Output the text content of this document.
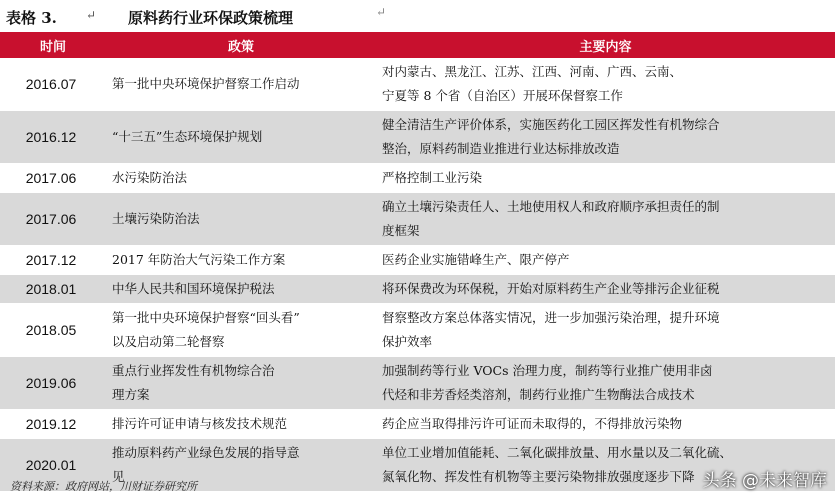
表格 3. ↵ 原料药行业环保政策梳理	↵
时间	政策	主要内容
2016.07	第一批中央环境保护督察工作启动	对内蒙古、黑龙江、江苏、江西、河南、广西、云南、
宁夏等 8 个省（自治区）开展环保督察工作

2016.12	“十三五”生态环境保护规划	健全清洁生产评价体系，实施医药化工园区挥发性有机物综合
整治，原料药制造业推进行业达标排放改造

2017.06	水污染防治法	严格控制工业污染

2017.06	土壤污染防治法	确立土壤污染责任人、土地使用权人和政府顺序承担责任的制
度框架

2017.12	2017 年防治大气污染工作方案	医药企业实施错峰生产、限产停产

2018.01	中华人民共和国环境保护税法	将环保费改为环保税，开始对原料药生产企业等排污企业征税

2018.05	第一批中央环境保护督察“回头看”
以及启动第二轮督察	督察整改方案总体落实情况，进一步加强污染治理，提升环境
保护效率

2019.06	重点行业挥发性有机物综合治
理方案	加强制药等行业 VOCs 治理力度，制药等行业推广使用非卤
代烃和非芳香烃类溶剂，制药行业推广生物酶法合成技术

2019.12	排污许可证申请与核发技术规范	药企应当取得排污许可证而未取得的，不得排放污染物

2020.01	推动原料药产业绿色发展的指导意
见	单位工业增加值能耗、二氧化碳排放量、用水量以及二氧化硫、
氮氧化物、挥发性有机物等主要污染物排放强度逐步下降
资料来源：政府网站，川财证券研究所	头条 @未来智库
